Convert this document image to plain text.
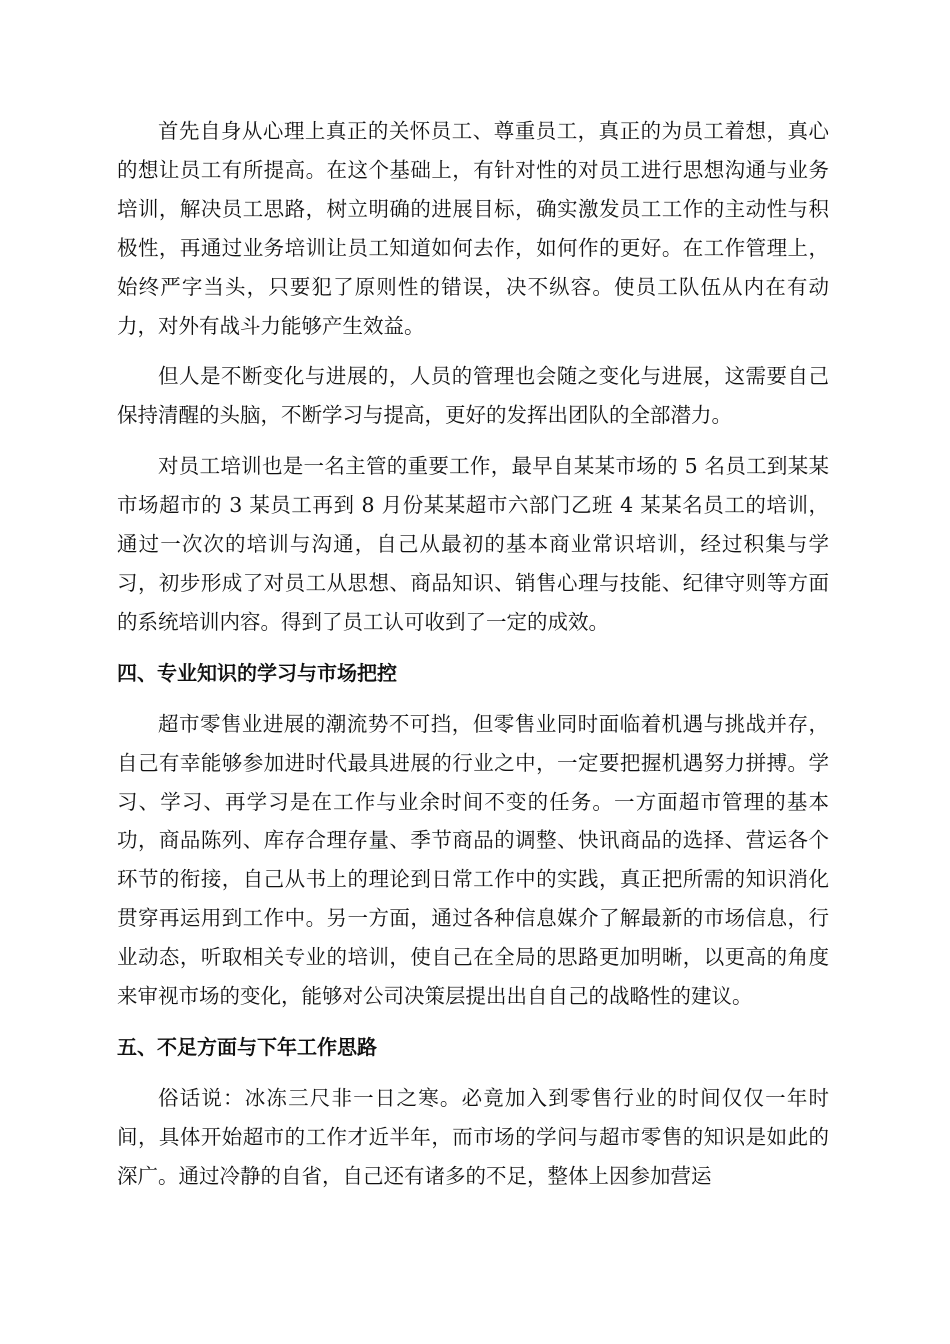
首先自身从心理上真正的关怀员工、尊重员工，真正的为员工着想，真心的想让员工有所提高。在这个基础上，有针对性的对员工进行思想沟通与业务培训，解决员工思路，树立明确的进展目标，确实激发员工工作的主动性与积极性，再通过业务培训让员工知道如何去作，如何作的更好。在工作管理上，始终严字当头，只要犯了原则性的错误，决不纵容。使员工队伍从内在有动力，对外有战斗力能够产生效益。

但人是不断变化与进展的，人员的管理也会随之变化与进展，这需要自己保持清醒的头脑，不断学习与提高，更好的发挥出团队的全部潜力。

对员工培训也是一名主管的重要工作，最早自某某市场的 5 名员工到某某市场超市的 3 某员工再到 8 月份某某超市六部门乙班 4 某某名员工的培训，通过一次次的培训与沟通，自己从最初的基本商业常识培训，经过积集与学习，初步形成了对员工从思想、商品知识、销售心理与技能、纪律守则等方面的系统培训内容。得到了员工认可收到了一定的成效。

四、专业知识的学习与市场把控

超市零售业进展的潮流势不可挡，但零售业同时面临着机遇与挑战并存，自己有幸能够参加进时代最具进展的行业之中，一定要把握机遇努力拼搏。学习、学习、再学习是在工作与业余时间不变的任务。一方面超市管理的基本功，商品陈列、库存合理存量、季节商品的调整、快讯商品的选择、营运各个环节的衔接，自己从书上的理论到日常工作中的实践，真正把所需的知识消化贯穿再运用到工作中。另一方面，通过各种信息媒介了解最新的市场信息，行业动态，听取相关专业的培训，使自己在全局的思路更加明晰，以更高的角度来审视市场的变化，能够对公司决策层提出出自自己的战略性的建议。

五、不足方面与下年工作思路

俗话说：冰冻三尺非一日之寒。必竟加入到零售行业的时间仅仅一年时间，具体开始超市的工作才近半年，而市场的学问与超市零售的知识是如此的深广。通过冷静的自省，自己还有诸多的不足，整体上因参加营运
